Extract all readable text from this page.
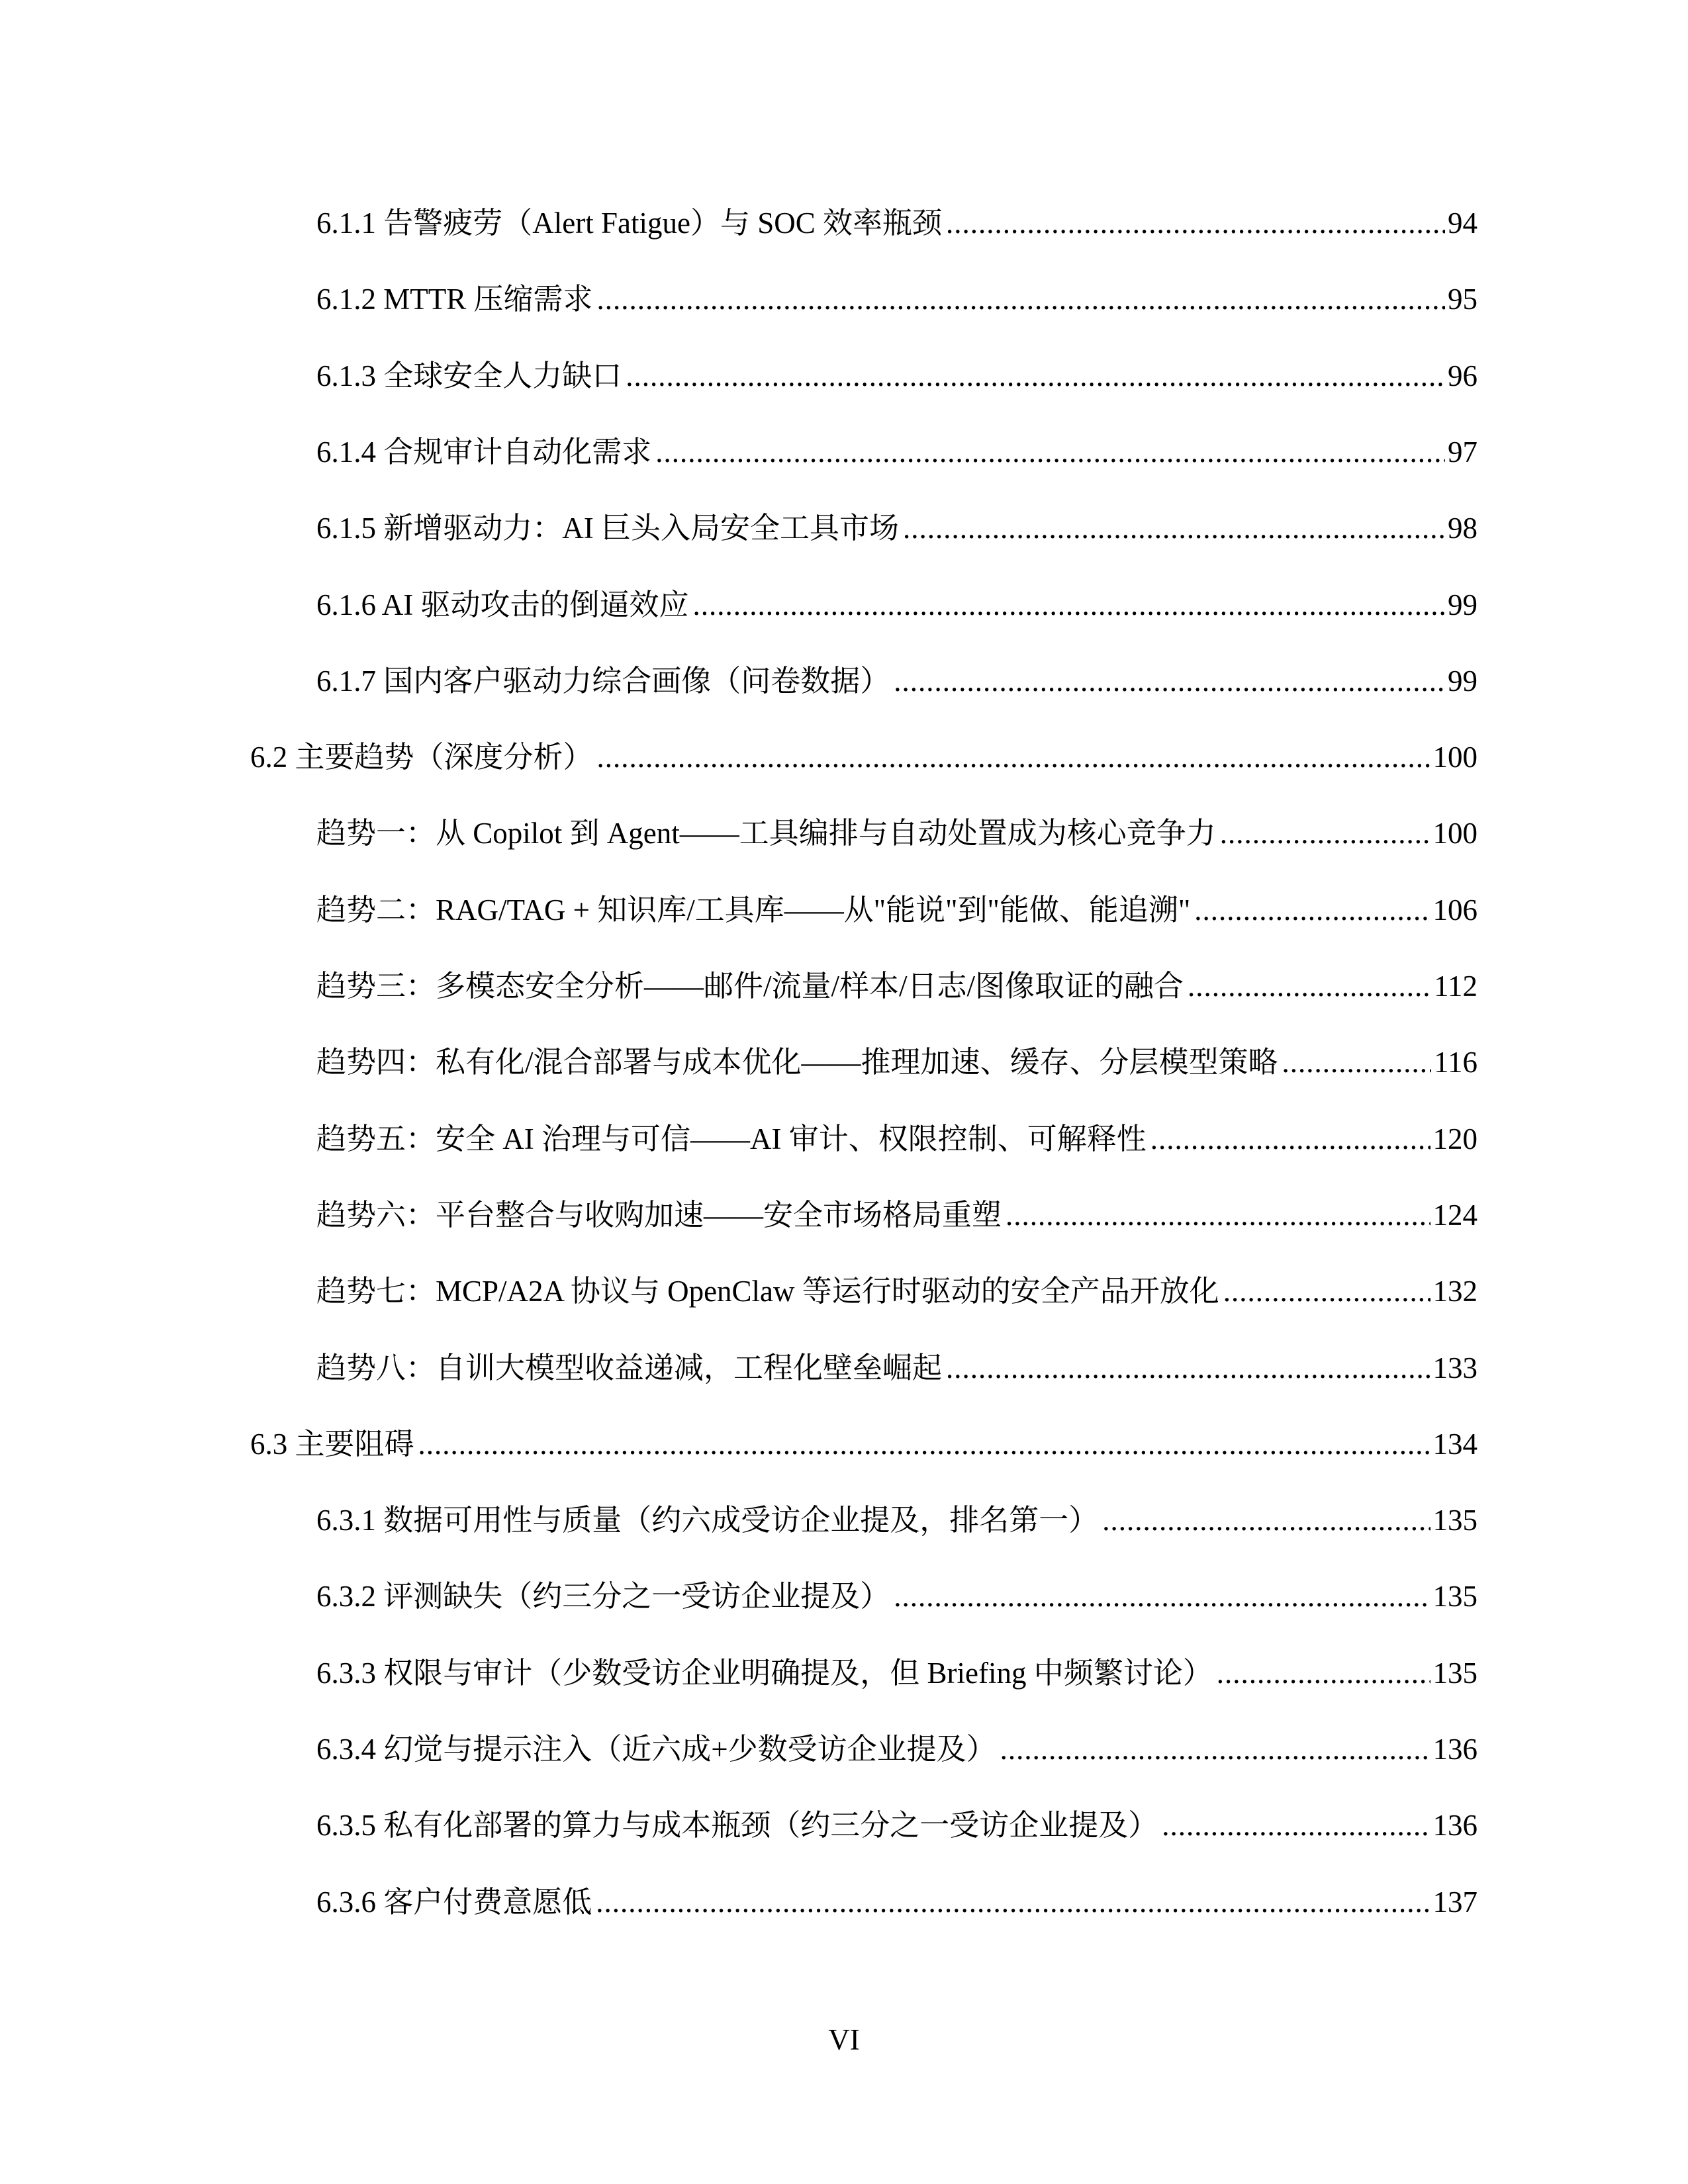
6.1.1 告警疲劳（Alert Fatigue）与 SOC 效率瓶颈 .....	94
6.1.2 MTTR 压缩需求 .....	95
6.1.3 全球安全人力缺口 .....	96
6.1.4 合规审计自动化需求 .....	97
6.1.5 新增驱动力：AI 巨头入局安全工具市场 .....	98
6.1.6 AI 驱动攻击的倒逼效应 .....	99
6.1.7 国内客户驱动力综合画像（问卷数据） .....	99
6.2 主要趋势（深度分析） .....	100
趋势一：从 Copilot 到 Agent——工具编排与自动处置成为核心竞争力 .....	100
趋势二：RAG/TAG + 知识库/工具库——从"能说"到"能做、能追溯" .....	106
趋势三：多模态安全分析——邮件/流量/样本/日志/图像取证的融合 .....	112
趋势四：私有化/混合部署与成本优化——推理加速、缓存、分层模型策略 .....	116
趋势五：安全 AI 治理与可信——AI 审计、权限控制、可解释性 .....	120
趋势六：平台整合与收购加速——安全市场格局重塑 .....	124
趋势七：MCP/A2A 协议与 OpenClaw 等运行时驱动的安全产品开放化 .....	132
趋势八：自训大模型收益递减，工程化壁垒崛起 .....	133
6.3 主要阻碍 .....	134
6.3.1 数据可用性与质量（约六成受访企业提及，排名第一） .....	135
6.3.2 评测缺失（约三分之一受访企业提及） .....	135
6.3.3 权限与审计（少数受访企业明确提及，但 Briefing 中频繁讨论） .....	135
6.3.4 幻觉与提示注入（近六成+少数受访企业提及） .....	136
6.3.5 私有化部署的算力与成本瓶颈（约三分之一受访企业提及） .....	136
6.3.6 客户付费意愿低 .....	137
VI
